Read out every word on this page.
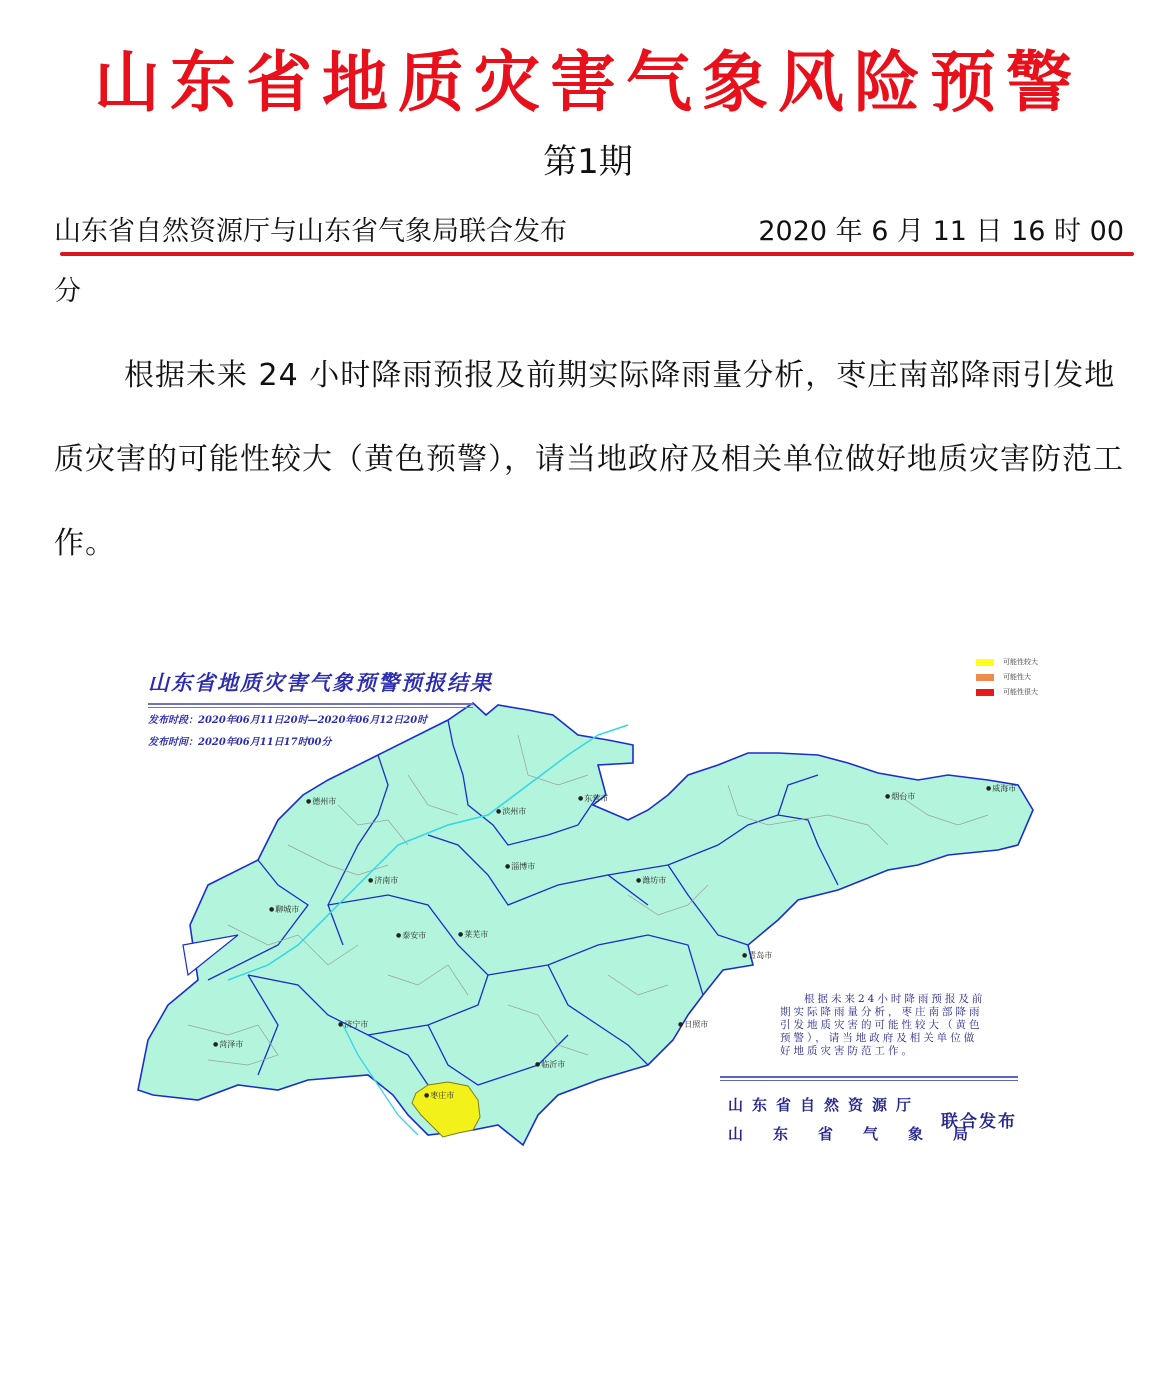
山东省地质灾害气象风险预警
第1期
山东省自然资源厅与山东省气象局联合发布	2020 年 6 月 11 日 16 时 00
分
根据未来 24 小时降雨预报及前期实际降雨量分析，枣庄南部降雨引发地质灾害的可能性较大（黄色预警），请当地政府及相关单位做好地质灾害防范工作。
山东省地质灾害气象预警预报结果
发布时段：2020年06月11日20时—2020年06月12日20时
发布时间：2020年06月11日17时00分
可能性较大
可能性大
可能性很大
● 德州市
● 滨州市
● 东营市	● 烟台市
● 威海市
● 济南市
● 淄博市
● 潍坊市
● 聊城市
● 泰安市	● 莱芜市
● 青岛市
● 济宁市	● 日照市
● 菏泽市
● 临沂市
● 枣庄市
根据未来24小时降雨预报及前期实际降雨量分析，枣庄南部降雨引发地质灾害的可能性较大（黄色预警），请当地政府及相关单位做好地质灾害防范工作。
山东省自然资源厅
山东省气象局
联合发布
